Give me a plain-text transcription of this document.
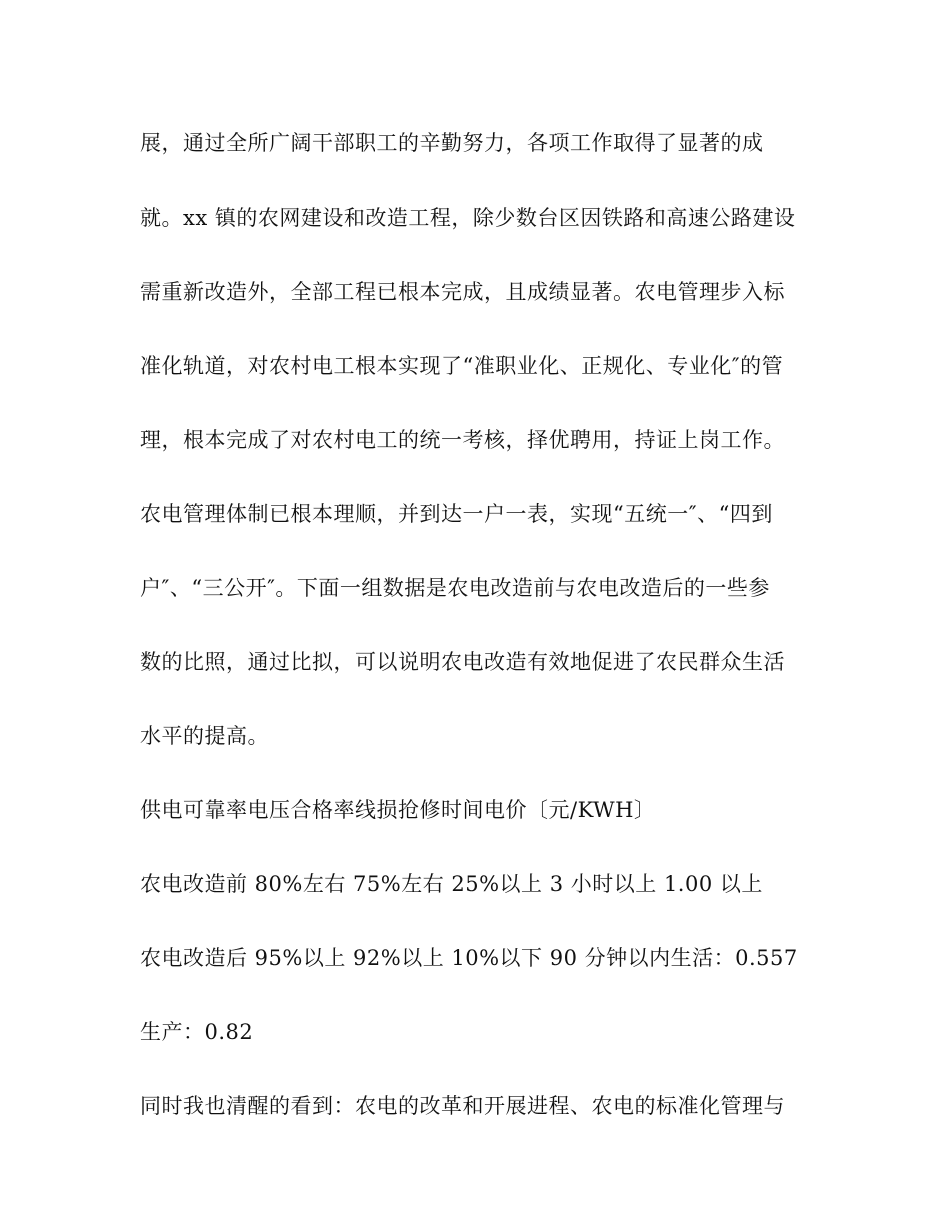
展，通过全所广阔干部职工的辛勤努力，各项工作取得了显著的成
就。xx 镇的农网建设和改造工程，除少数台区因铁路和高速公路建设
需重新改造外，全部工程已根本完成，且成绩显著。农电管理步入标
准化轨道，对农村电工根本实现了“准职业化、正规化、专业化″的管
理，根本完成了对农村电工的统一考核，择优聘用，持证上岗工作。
农电管理体制已根本理顺，并到达一户一表，实现“五统一″、“四到
户″、“三公开″。下面一组数据是农电改造前与农电改造后的一些参
数的比照，通过比拟，可以说明农电改造有效地促进了农民群众生活
水平的提高。
供电可靠率电压合格率线损抢修时间电价〔元/KWH〕
农电改造前 80%左右 75%左右 25%以上 3 小时以上 1.00 以上
农电改造后 95%以上 92%以上 10%以下 90 分钟以内生活：0.557
生产：0.82
同时我也清醒的看到：农电的改革和开展进程、农电的标准化管理与
